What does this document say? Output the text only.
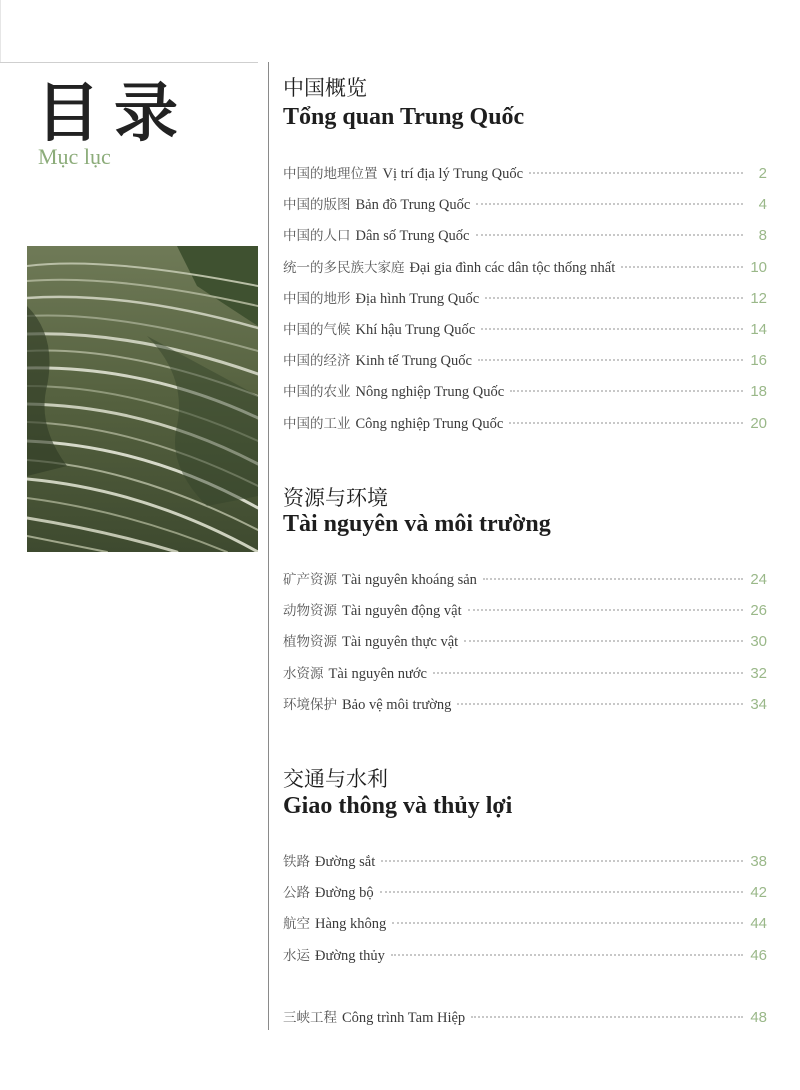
目录
Mục lục
中国概览
Tổng quan Trung Quốc
中国的地理位置 Vị trí địa lý Trung Quốc	2
中国的版图 Bản đồ Trung Quốc	4
中国的人口 Dân số Trung Quốc	8
统一的多民族大家庭 Đại gia đình các dân tộc thống nhất	10
中国的地形 Địa hình Trung Quốc	12
中国的气候 Khí hậu Trung Quốc	14
中国的经济 Kinh tế Trung Quốc	16
中国的农业 Nông nghiệp Trung Quốc	18
中国的工业 Công nghiệp Trung Quốc	20
资源与环境
Tài nguyên và môi trường
矿产资源 Tài nguyên khoáng sản	24
动物资源 Tài nguyên động vật	26
植物资源 Tài nguyên thực vật	30
水资源 Tài nguyên nước	32
环境保护 Bảo vệ môi trường	34
交通与水利
Giao thông và thủy lợi
铁路 Đường sắt	38
公路 Đường bộ	42
航空 Hàng không	44
水运 Đường thủy	46
三峡工程 Công trình Tam Hiệp	48
